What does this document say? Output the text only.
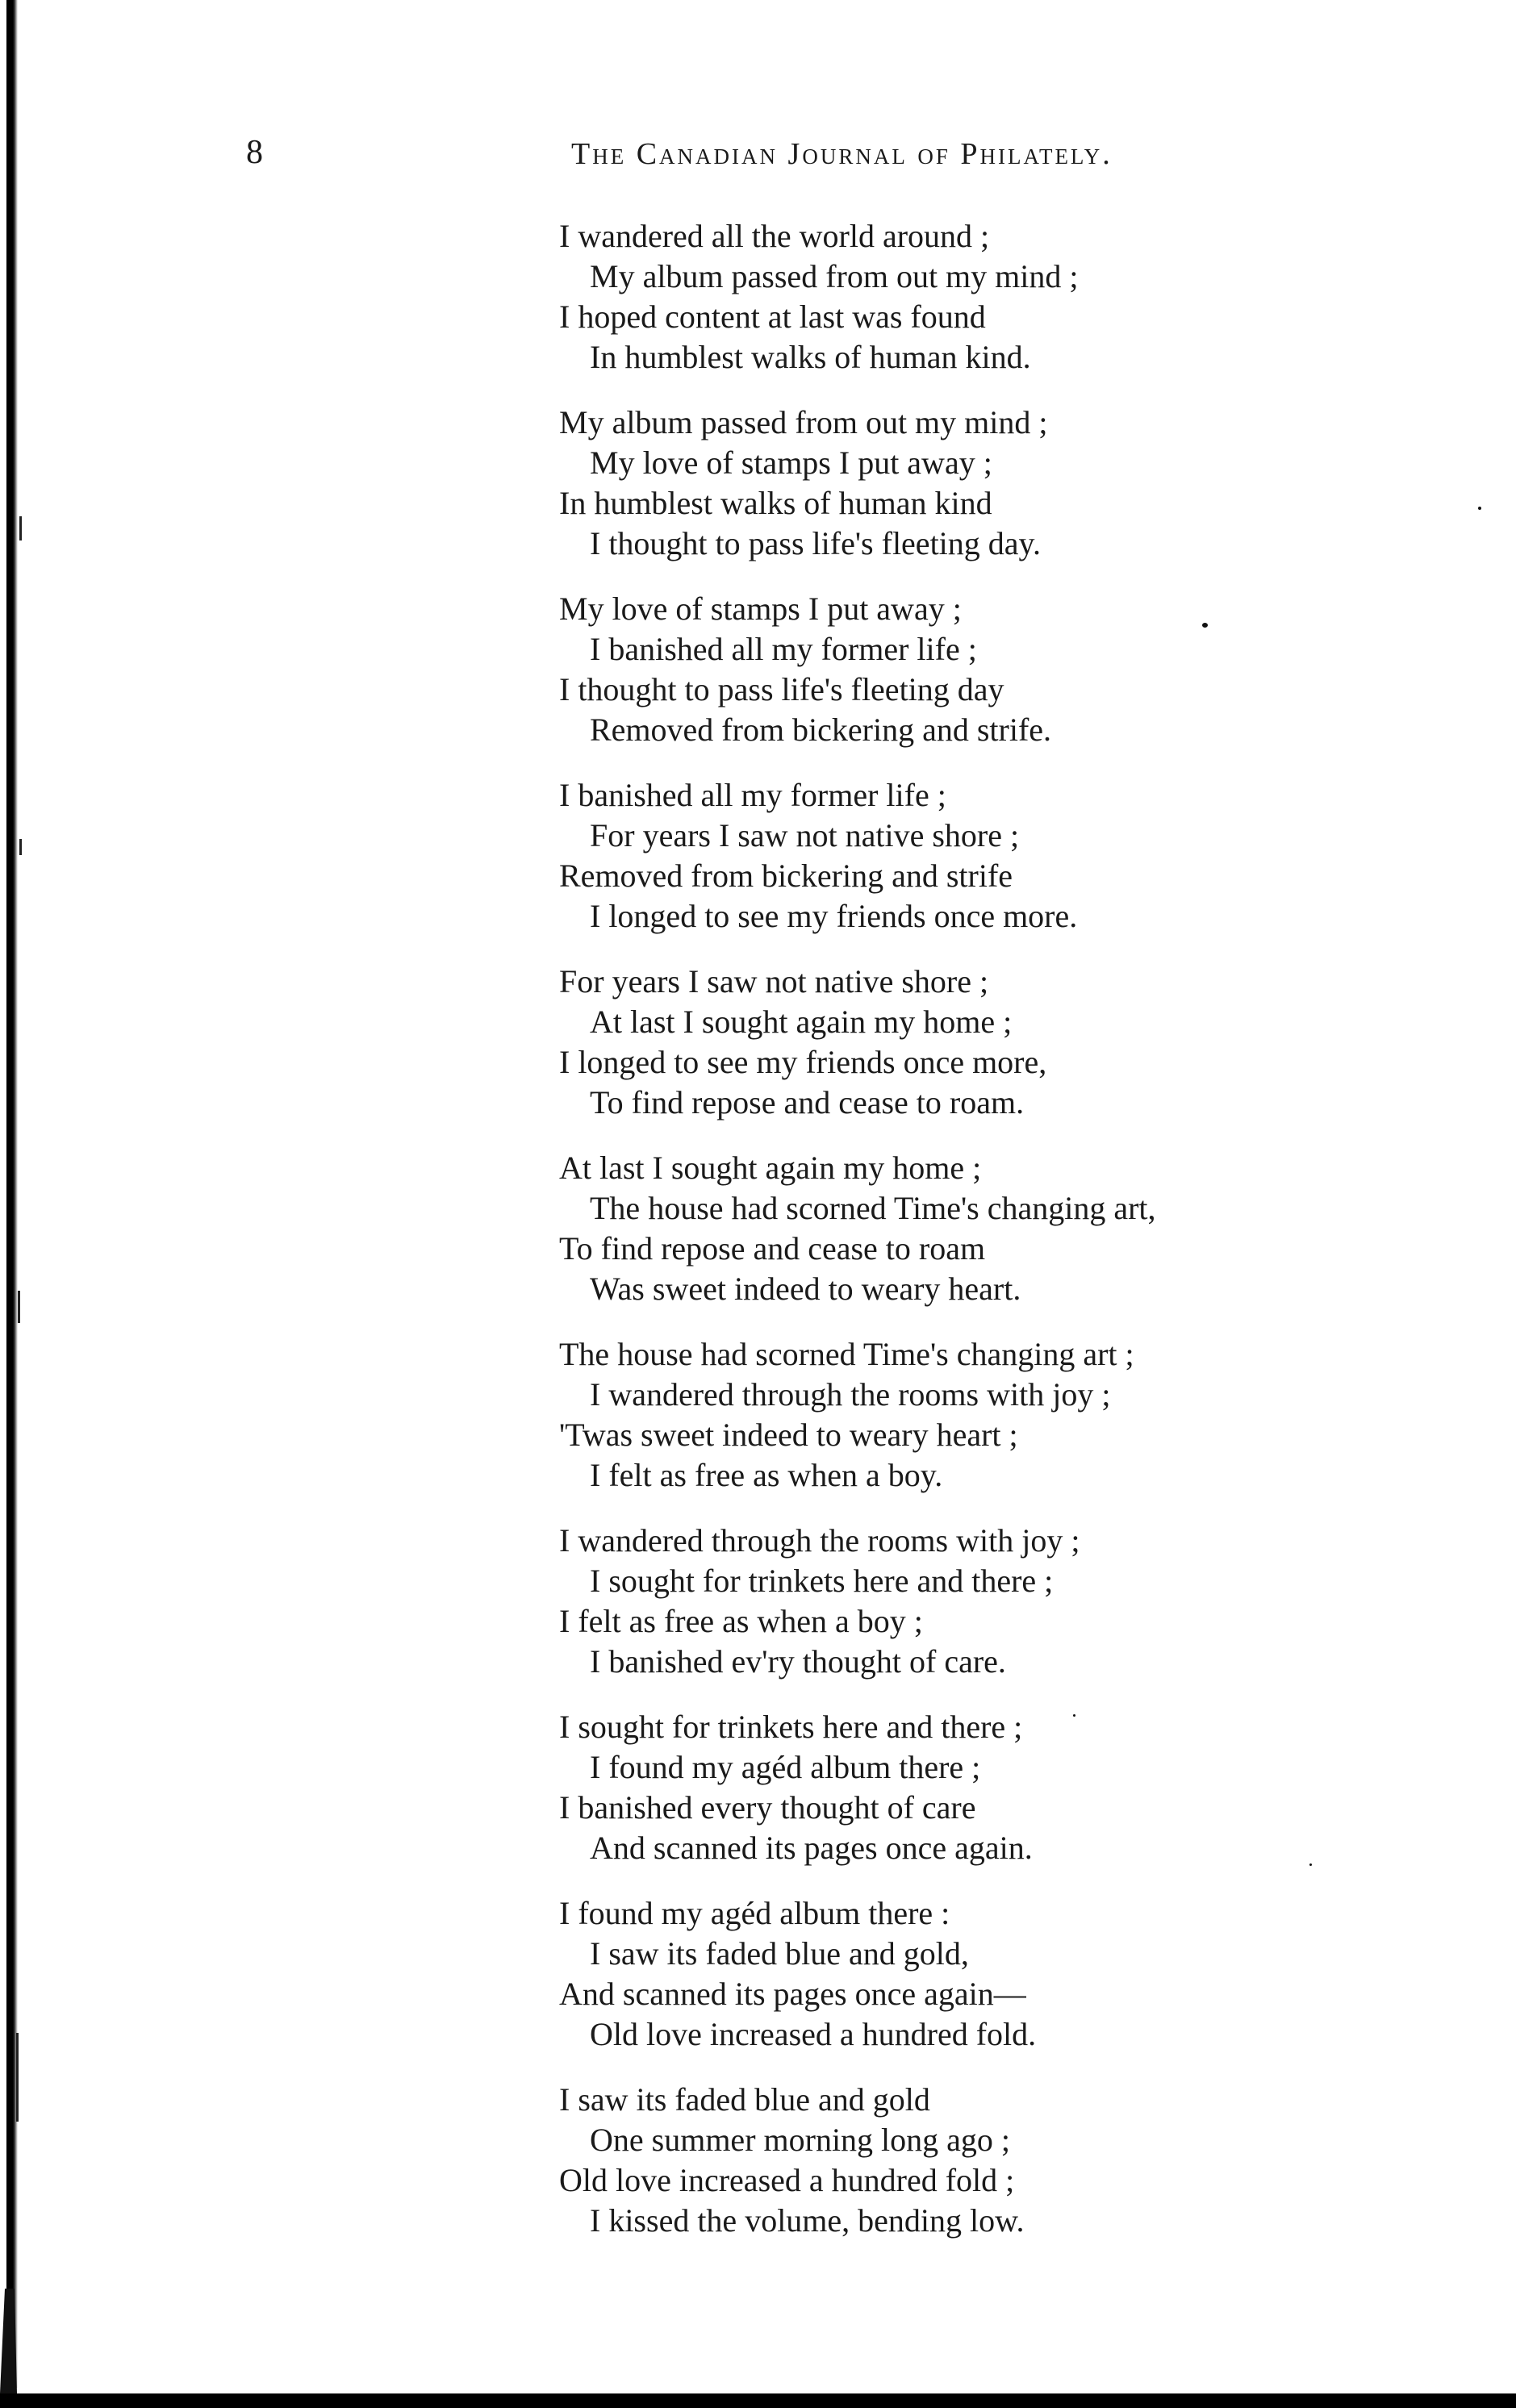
8	The Canadian Journal of Philately.
I wandered all the world around ;
My album passed from out my mind ;
I hoped content at last was found
In humblest walks of human kind.
My album passed from out my mind ;
My love of stamps I put away ;
In humblest walks of human kind
I thought to pass life's fleeting day.
My love of stamps I put away ;
I banished all my former life ;
I thought to pass life's fleeting day
Removed from bickering and strife.
I banished all my former life ;
For years I saw not native shore ;
Removed from bickering and strife
I longed to see my friends once more.
For years I saw not native shore ;
At last I sought again my home ;
I longed to see my friends once more,
To find repose and cease to roam.
At last I sought again my home ;
The house had scorned Time's changing art,
To find repose and cease to roam
Was sweet indeed to weary heart.
The house had scorned Time's changing art ;
I wandered through the rooms with joy ;
'Twas sweet indeed to weary heart ;
I felt as free as when a boy.
I wandered through the rooms with joy ;
I sought for trinkets here and there ;
I felt as free as when a boy ;
I banished ev'ry thought of care.
I sought for trinkets here and there ;
I found my agéd album there ;
I banished every thought of care
And scanned its pages once again.
I found my agéd album there :
I saw its faded blue and gold,
And scanned its pages once again—
Old love increased a hundred fold.
I saw its faded blue and gold
One summer morning long ago ;
Old love increased a hundred fold ;
I kissed the volume, bending low.
